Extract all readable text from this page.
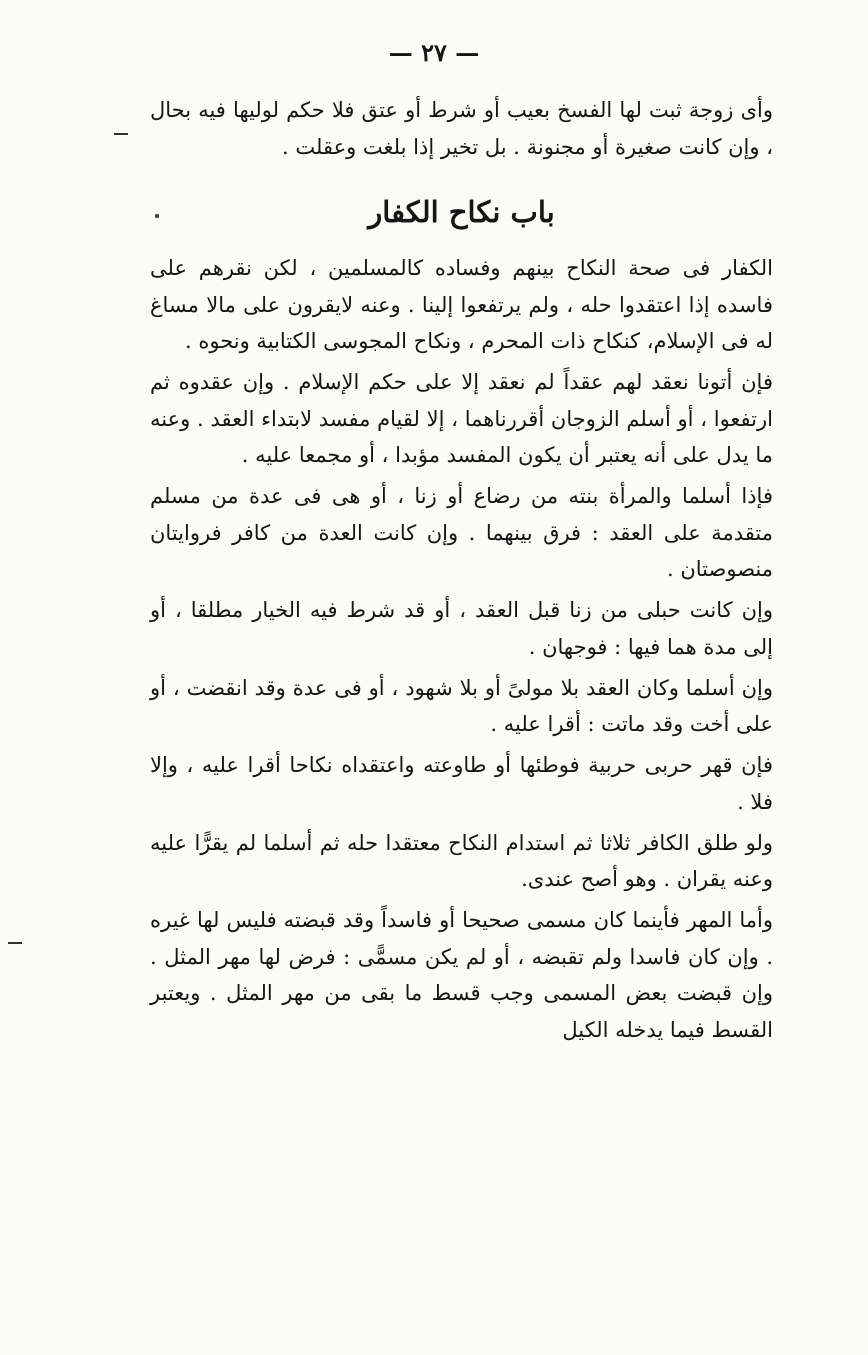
— ٢٧ —

وأى زوجة ثبت لها الفسخ بعيب أو شرط أو عتق فلا حكم لوليها فيه بحال ، وإن كانت صغيرة أو مجنونة . بل تخير إذا بلغت وعقلت .

باب نكاح الكفار

الكفار فى صحة النكاح بينهم وفساده كالمسلمين ، لكن نقرهم على فاسده إذا اعتقدوا حله ، ولم يرتفعوا إلينا . وعنه لايقرون على مالا مساغ له فى الإسلام، كنكاح ذات المحرم ، ونكاح المجوسى الكتابية ونحوه .

فإن أتونا نعقد لهم عقداً لم نعقد إلا على حكم الإسلام . وإن عقدوه ثم ارتفعوا ، أو أسلم الزوجان أقررناهما ، إلا لقيام مفسد لابتداء العقد . وعنه ما يدل على أنه يعتبر أن يكون المفسد مؤبدا ، أو مجمعا عليه .

فإذا أسلما والمرأة بنته من رضاع أو زنا ، أو هى فى عدة من مسلم متقدمة على العقد : فرق بينهما . وإن كانت العدة من كافر فروايتان منصوصتان .

وإن كانت حبلى من زنا قبل العقد ، أو قد شرط فيه الخيار مطلقا ، أو إلى مدة هما فيها : فوجهان .

وإن أسلما وكان العقد بلا مولىً أو بلا شهود ، أو فى عدة وقد انقضت ، أو على أخت وقد ماتت : أقرا عليه .

فإن قهر حربى حربية فوطئها أو طاوعته واعتقداه نكاحا أقرا عليه ، وإلا فلا .

ولو طلق الكافر ثلاثا ثم استدام النكاح معتقدا حله ثم أسلما لم يقرًّا عليه وعنه يقران . وهو أصح عندى.

وأما المهر فأينما كان مسمى صحيحا أو فاسداً وقد قبضته فليس لها غيره . وإن كان فاسدا ولم تقبضه ، أو لم يكن مسمًّى : فرض لها مهر المثل . وإن قبضت بعض المسمى وجب قسط ما بقى من مهر المثل . ويعتبر القسط فيما يدخله الكيل
